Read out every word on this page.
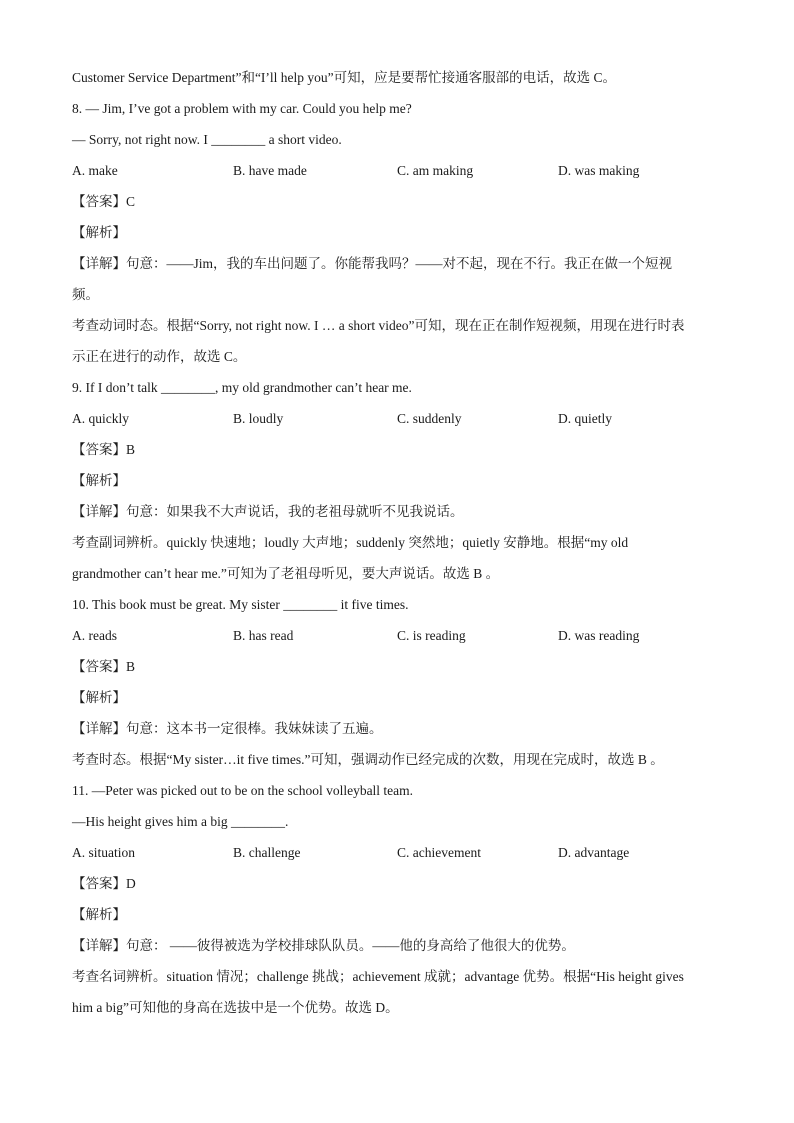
Customer Service Department”和“I’ll help you”可知，应是要帮忙接通客服部的电话，故选 C。
8. — Jim, I’ve got a problem with my car. Could you help me?
— Sorry, not right now. I ________ a short video.
A. make	B. have made	C. am making	D. was making
【答案】C
【解析】
【详解】句意：——Jim，我的车出问题了。你能帮我吗？——对不起，现在不行。我正在做一个短视
频。
考查动词时态。根据“Sorry, not right now. I … a short video”可知，现在正在制作短视频，用现在进行时表
示正在进行的动作，故选 C。
9. If I don’t talk ________, my old grandmother can’t hear me.
A. quickly	B. loudly	C. suddenly	D. quietly
【答案】B
【解析】
【详解】句意：如果我不大声说话，我的老祖母就听不见我说话。
考查副词辨析。quickly 快速地；loudly 大声地；suddenly 突然地；quietly 安静地。根据“my old
grandmother can’t hear me.”可知为了老祖母听见，要大声说话。故选 B 。
10. This book must be great. My sister ________ it five times.
A. reads	B. has read	C. is reading	D. was reading
【答案】B
【解析】
【详解】句意：这本书一定很棒。我妹妹读了五遍。
考查时态。根据“My sister…it five times.”可知，强调动作已经完成的次数，用现在完成时，故选 B 。
11. —Peter was picked out to be on the school volleyball team.
—His height gives him a big ________.
A. situation	B. challenge	C. achievement	D. advantage
【答案】D
【解析】
【详解】句意： ——彼得被选为学校排球队队员。——他的身高给了他很大的优势。
考查名词辨析。situation 情况；challenge 挑战；achievement 成就；advantage 优势。根据“His height gives
him a big”可知他的身高在选拔中是一个优势。故选 D。
